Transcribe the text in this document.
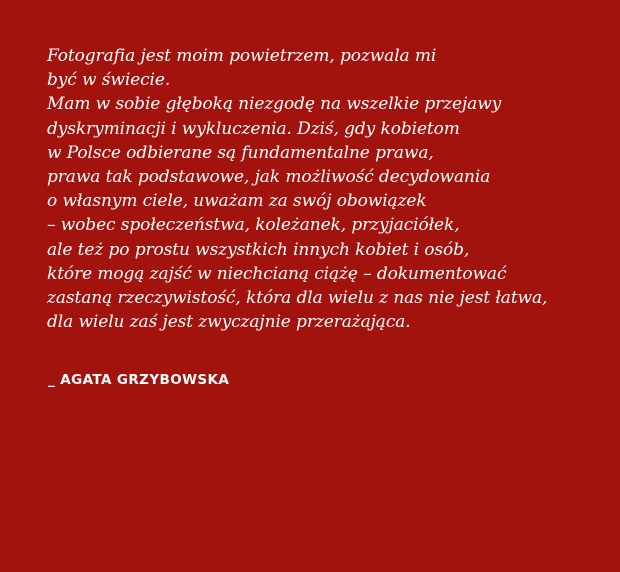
Fotografia jest moim powietrzem, pozwala mi
być w świecie.
Mam w sobie głęboką niezgodę na wszelkie przejawy
dyskryminacji i wykluczenia. Dziś, gdy kobietom
w Polsce odbierane są fundamentalne prawa,
prawa tak podstawowe, jak możliwość decydowania
o własnym ciele, uważam za swój obowiązek
– wobec społeczeństwa, koleżanek, przyjaciółek,
ale też po prostu wszystkich innych kobiet i osób,
które mogą zajść w niechcianą ciążę – dokumentować
zastaną rzeczywistość, która dla wielu z nas nie jest łatwa,
dla wielu zaś jest zwyczajnie przerażająca.

_ AGATA GRZYBOWSKA
